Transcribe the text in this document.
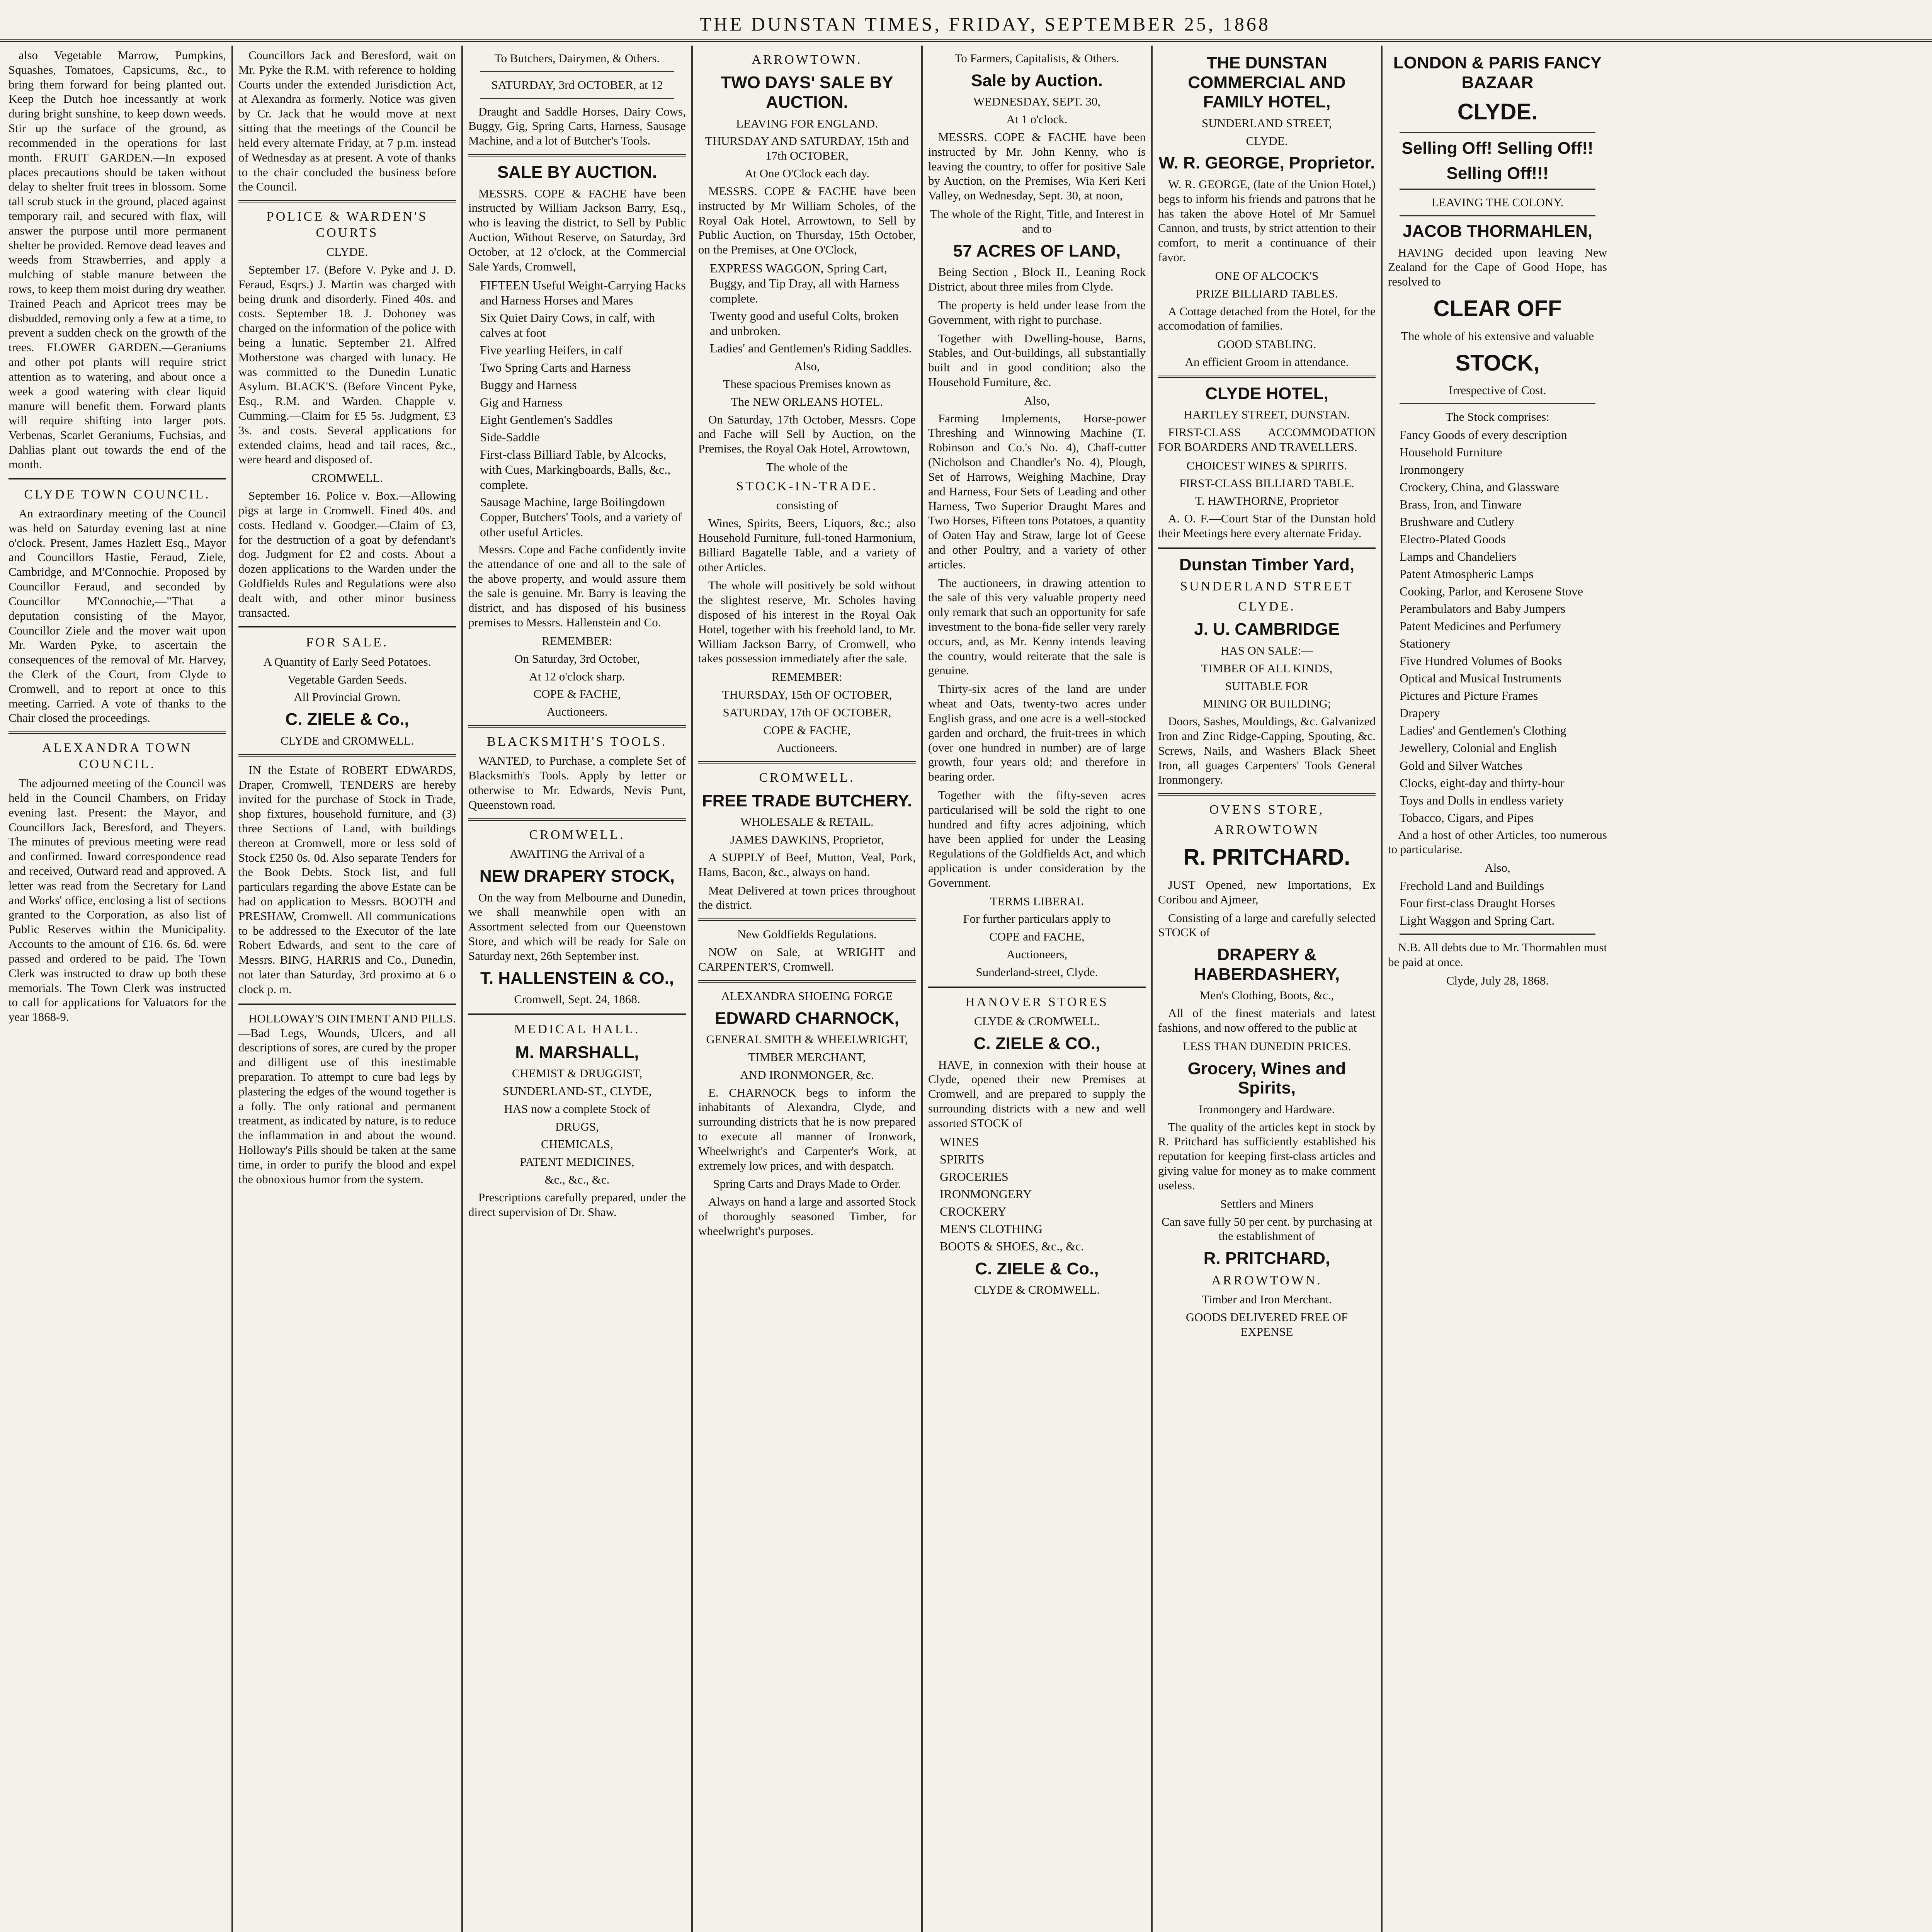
THE DUNSTAN TIMES, FRIDAY, SEPTEMBER 25, 1868

also Vegetable Marrow, Pumpkins, Squashes, Tomatoes, Capsicums, &c., to bring them forward for being planted out. Keep the Dutch hoe incessantly at work during bright sunshine, to keep down weeds. Stir up the surface of the ground, as recommended in the operations for last month. FRUIT GARDEN.—In exposed places precautions should be taken without delay to shelter fruit trees in blossom. Some tall scrub stuck in the ground, placed against temporary rail, and secured with flax, will answer the purpose until more permanent shelter be provided. Remove dead leaves and weeds from Strawberries, and apply a mulching of stable manure between the rows, to keep them moist during dry weather. Trained Peach and Apricot trees may be disbudded, removing only a few at a time, to prevent a sudden check on the growth of the trees. FLOWER GARDEN.—Geraniums and other pot plants will require strict attention as to watering, and about once a week a good watering with clear liquid manure will benefit them. Forward plants will require shifting into larger pots. Verbenas, Scarlet Geraniums, Fuchsias, and Dahlias plant out towards the end of the month.

CLYDE TOWN COUNCIL.

An extraordinary meeting of the Council was held on Saturday evening last at nine o'clock. Present, James Hazlett Esq., Mayor and Councillors Hastie, Feraud, Ziele, Cambridge, and M'Connochie. Proposed by Councillor Feraud, and seconded by Councillor M'Connochie,—"That a deputation consisting of the Mayor, Councillor Ziele and the mover wait upon Mr. Warden Pyke, to ascertain the consequences of the removal of Mr. Harvey, the Clerk of the Court, from Clyde to Cromwell, and to report at once to this meeting. Carried. A vote of thanks to the Chair closed the proceedings.

ALEXANDRA TOWN COUNCIL.

The adjourned meeting of the Council was held in the Council Chambers, on Friday evening last. Present: the Mayor, and Councillors Jack, Beresford, and Theyers. The minutes of previous meeting were read and confirmed. Inward correspondence read and received, Outward read and approved. A letter was read from the Secretary for Land and Works' office, enclosing a list of sections granted to the Corporation, as also list of Public Reserves within the Municipality. Accounts to the amount of £16. 6s. 6d. were passed and ordered to be paid. The Town Clerk was instructed to draw up both these memorials. The Town Clerk was instructed to call for applications for Valuators for the year 1868-9.

Councillors Jack and Beresford, wait on Mr. Pyke the R.M. with reference to holding Courts under the extended Jurisdiction Act, at Alexandra as formerly. Notice was given by Cr. Jack that he would move at next sitting that the meetings of the Council be held every alternate Friday, at 7 p.m. instead of Wednesday as at present. A vote of thanks to the chair concluded the business before the Council.

POLICE & WARDEN'S COURTS
CLYDE.

September 17. (Before V. Pyke and J. D. Feraud, Esqrs.) J. Martin was charged with being drunk and disorderly. Fined 40s. and costs. September 18. J. Dohoney was charged on the information of the police with being a lunatic. September 21. Alfred Motherstone was charged with lunacy. He was committed to the Dunedin Lunatic Asylum. BLACK'S. (Before Vincent Pyke, Esq., R.M. and Warden. Chapple v. Cumming.—Claim for £5 5s. Judgment, £3 3s. and costs. Several applications for extended claims, head and tail races, &c., were heard and disposed of.

CROMWELL.

September 16. Police v. Box.—Allowing pigs at large in Cromwell. Fined 40s. and costs. Hedland v. Goodger.—Claim of £3, for the destruction of a goat by defendant's dog. Judgment for £2 and costs. About a dozen applications to the Warden under the Goldfields Rules and Regulations were also dealt with, and other minor business transacted.

FOR SALE.
A Quantity of Early Seed Potatoes.
Vegetable Garden Seeds.
All Provincial Grown.
C. ZIELE & Co.,
CLYDE and CROMWELL.

IN the Estate of ROBERT EDWARDS, Draper, Cromwell, TENDERS are hereby invited for the purchase of Stock in Trade, shop fixtures, household furniture, and (3) three Sections of Land, with buildings thereon at Cromwell, more or less sold of Stock £250 0s. 0d. Also separate Tenders for the Book Debts. Stock list, and full particulars regarding the above Estate can be had on application to Messrs. BOOTH and PRESHAW, Cromwell. All communications to be addressed to the Executor of the late Robert Edwards, and sent to the care of Messrs. BING, HARRIS and Co., Dunedin, not later than Saturday, 3rd proximo at 6 o clock p. m.

HOLLOWAY'S OINTMENT AND PILLS.—Bad Legs, Wounds, Ulcers, and all descriptions of sores, are cured by the proper and dilligent use of this inestimable preparation. To attempt to cure bad legs by plastering the edges of the wound together is a folly. The only rational and permanent treatment, as indicated by nature, is to reduce the inflammation in and about the wound. Holloway's Pills should be taken at the same time, in order to purify the blood and expel the obnoxious humor from the system.

To Butchers, Dairymen, & Others.
SATURDAY, 3rd OCTOBER, at 12

Draught and Saddle Horses, Dairy Cows, Buggy, Gig, Spring Carts, Harness, Sausage Machine, and a lot of Butcher's Tools.

SALE BY AUCTION.

MESSRS. COPE & FACHE have been instructed by William Jackson Barry, Esq., who is leaving the district, to Sell by Public Auction, Without Reserve, on Saturday, 3rd October, at 12 o'clock, at the Commercial Sale Yards, Cromwell,

FIFTEEN Useful Weight-Carrying Hacks and Harness Horses and Mares
Six Quiet Dairy Cows, in calf, with calves at foot
Five yearling Heifers, in calf
Two Spring Carts and Harness
Buggy and Harness
Gig and Harness
Eight Gentlemen's Saddles
Side-Saddle
First-class Billiard Table, by Alcocks, with Cues, Markingboards, Balls, &c., complete.
Sausage Machine, large Boilingdown Copper, Butchers' Tools, and a variety of other useful Articles.

Messrs. Cope and Fache confidently invite the attendance of one and all to the sale of the above property, and would assure them the sale is genuine. Mr. Barry is leaving the district, and has disposed of his business premises to Messrs. Hallenstein and Co.

REMEMBER:
On Saturday, 3rd October,
At 12 o'clock sharp.
COPE & FACHE,
Auctioneers.
BLACKSMITH'S TOOLS.

WANTED, to Purchase, a complete Set of Blacksmith's Tools. Apply by letter or otherwise to Mr. Edwards, Nevis Punt, Queenstown road.

CROMWELL.
AWAITING the Arrival of a
NEW DRAPERY STOCK,

On the way from Melbourne and Dunedin, we shall meanwhile open with an Assortment selected from our Queenstown Store, and which will be ready for Sale on Saturday next, 26th September inst.

T. HALLENSTEIN & CO.,
Cromwell, Sept. 24, 1868.
MEDICAL HALL.
M. MARSHALL,
CHEMIST & DRUGGIST,
SUNDERLAND-ST., CLYDE,
HAS now a complete Stock of
DRUGS,
CHEMICALS,
PATENT MEDICINES,
&c., &c., &c.

Prescriptions carefully prepared, under the direct supervision of Dr. Shaw.

ARROWTOWN.
TWO DAYS' SALE BY AUCTION.
LEAVING FOR ENGLAND.
THURSDAY AND SATURDAY, 15th and 17th OCTOBER,
At One O'Clock each day.

MESSRS. COPE & FACHE have been instructed by Mr William Scholes, of the Royal Oak Hotel, Arrowtown, to Sell by Public Auction, on Thursday, 15th October, on the Premises, at One O'Clock,

EXPRESS WAGGON, Spring Cart, Buggy, and Tip Dray, all with Harness complete.
Twenty good and useful Colts, broken and unbroken.
Ladies' and Gentlemen's Riding Saddles.
Also,
These spacious Premises known as
The NEW ORLEANS HOTEL.

On Saturday, 17th October, Messrs. Cope and Fache will Sell by Auction, on the Premises, the Royal Oak Hotel, Arrowtown,

The whole of the
STOCK-IN-TRADE.
consisting of

Wines, Spirits, Beers, Liquors, &c.; also Household Furniture, full-toned Harmonium, Billiard Bagatelle Table, and a variety of other Articles.

The whole will positively be sold without the slightest reserve, Mr. Scholes having disposed of his interest in the Royal Oak Hotel, together with his freehold land, to Mr. William Jackson Barry, of Cromwell, who takes possession immediately after the sale.

REMEMBER:
THURSDAY, 15th OF OCTOBER,
SATURDAY, 17th OF OCTOBER,
COPE & FACHE,
Auctioneers.
CROMWELL.
FREE TRADE BUTCHERY.
WHOLESALE & RETAIL.
JAMES DAWKINS, Proprietor,

A SUPPLY of Beef, Mutton, Veal, Pork, Hams, Bacon, &c., always on hand.

Meat Delivered at town prices throughout the district.

New Goldfields Regulations.

NOW on Sale, at WRIGHT and CARPENTER'S, Cromwell.

ALEXANDRA SHOEING FORGE
EDWARD CHARNOCK,
GENERAL SMITH & WHEELWRIGHT,
TIMBER MERCHANT,
AND IRONMONGER, &c.

E. CHARNOCK begs to inform the inhabitants of Alexandra, Clyde, and surrounding districts that he is now prepared to execute all manner of Ironwork, Wheelwright's and Carpenter's Work, at extremely low prices, and with despatch.

Spring Carts and Drays Made to Order.

Always on hand a large and assorted Stock of thoroughly seasoned Timber, for wheelwright's purposes.

To Farmers, Capitalists, & Others.
Sale by Auction.
WEDNESDAY, SEPT. 30,
At 1 o'clock.

MESSRS. COPE & FACHE have been instructed by Mr. John Kenny, who is leaving the country, to offer for positive Sale by Auction, on the Premises, Wia Keri Keri Valley, on Wednesday, Sept. 30, at noon,

The whole of the Right, Title, and Interest in and to
57 ACRES OF LAND,

Being Section , Block II., Leaning Rock District, about three miles from Clyde.

The property is held under lease from the Government, with right to purchase.

Together with Dwelling-house, Barns, Stables, and Out-buildings, all substantially built and in good condition; also the Household Furniture, &c.

Also,

Farming Implements, Horse-power Threshing and Winnowing Machine (T. Robinson and Co.'s No. 4), Chaff-cutter (Nicholson and Chandler's No. 4), Plough, Set of Harrows, Weighing Machine, Dray and Harness, Four Sets of Leading and other Harness, Two Superior Draught Mares and Two Horses, Fifteen tons Potatoes, a quantity of Oaten Hay and Straw, large lot of Geese and other Poultry, and a variety of other articles.

The auctioneers, in drawing attention to the sale of this very valuable property need only remark that such an opportunity for safe investment to the bona-fide seller very rarely occurs, and, as Mr. Kenny intends leaving the country, would reiterate that the sale is genuine.

Thirty-six acres of the land are under wheat and Oats, twenty-two acres under English grass, and one acre is a well-stocked garden and orchard, the fruit-trees in which (over one hundred in number) are of large growth, four years old; and therefore in bearing order.

Together with the fifty-seven acres particularised will be sold the right to one hundred and fifty acres adjoining, which have been applied for under the Leasing Regulations of the Goldfields Act, and which application is under consideration by the Government.

TERMS LIBERAL
For further particulars apply to
COPE and FACHE,
Auctioneers,
Sunderland-street, Clyde.
HANOVER STORES
CLYDE & CROMWELL.
C. ZIELE & CO.,

HAVE, in connexion with their house at Clyde, opened their new Premises at Cromwell, and are prepared to supply the surrounding districts with a new and well assorted STOCK of

WINES
SPIRITS
GROCERIES
IRONMONGERY
CROCKERY
MEN'S CLOTHING
BOOTS & SHOES, &c., &c.
C. ZIELE & Co.,
CLYDE & CROMWELL.
THE DUNSTAN COMMERCIAL AND FAMILY HOTEL,
SUNDERLAND STREET,
CLYDE.
W. R. GEORGE, Proprietor.

W. R. GEORGE, (late of the Union Hotel,) begs to inform his friends and patrons that he has taken the above Hotel of Mr Samuel Cannon, and trusts, by strict attention to their comfort, to merit a continuance of their favor.

ONE OF ALCOCK'S
PRIZE BILLIARD TABLES.

A Cottage detached from the Hotel, for the accomodation of families.

GOOD STABLING.
An efficient Groom in attendance.
CLYDE HOTEL,
HARTLEY STREET, DUNSTAN.

FIRST-CLASS ACCOMMODATION FOR BOARDERS AND TRAVELLERS.

CHOICEST WINES & SPIRITS.
FIRST-CLASS BILLIARD TABLE.
T. HAWTHORNE, Proprietor

A. O. F.—Court Star of the Dunstan hold their Meetings here every alternate Friday.

Dunstan Timber Yard,
SUNDERLAND STREET
CLYDE.
J. U. CAMBRIDGE
HAS ON SALE:—
TIMBER OF ALL KINDS,
SUITABLE FOR
MINING OR BUILDING;

Doors, Sashes, Mouldings, &c. Galvanized Iron and Zinc Ridge-Capping, Spouting, &c. Screws, Nails, and Washers Black Sheet Iron, all guages Carpenters' Tools General Ironmongery.

OVENS STORE,
ARROWTOWN
R. PRITCHARD.

JUST Opened, new Importations, Ex Coribou and Ajmeer,

Consisting of a large and carefully selected STOCK of

DRAPERY & HABERDASHERY,
Men's Clothing, Boots, &c.,

All of the finest materials and latest fashions, and now offered to the public at

LESS THAN DUNEDIN PRICES.
Grocery, Wines and Spirits,
Ironmongery and Hardware.

The quality of the articles kept in stock by R. Pritchard has sufficiently established his reputation for keeping first-class articles and giving value for money as to make comment useless.

Settlers and Miners
Can save fully 50 per cent. by purchasing at the establishment of
R. PRITCHARD,
ARROWTOWN.
Timber and Iron Merchant.
GOODS DELIVERED FREE OF EXPENSE
LONDON & PARIS FANCY BAZAAR
CLYDE.
Selling Off! Selling Off!!
Selling Off!!!
LEAVING THE COLONY.
JACOB THORMAHLEN,

HAVING decided upon leaving New Zealand for the Cape of Good Hope, has resolved to

CLEAR OFF
The whole of his extensive and valuable
STOCK,
Irrespective of Cost.
The Stock comprises:
Fancy Goods of every description
Household Furniture
Ironmongery
Crockery, China, and Glassware
Brass, Iron, and Tinware
Brushware and Cutlery
Electro-Plated Goods
Lamps and Chandeliers
Patent Atmospheric Lamps
Cooking, Parlor, and Kerosene Stove
Perambulators and Baby Jumpers
Patent Medicines and Perfumery
Stationery
Five Hundred Volumes of Books
Optical and Musical Instruments
Pictures and Picture Frames
Drapery
Ladies' and Gentlemen's Clothing
Jewellery, Colonial and English
Gold and Silver Watches
Clocks, eight-day and thirty-hour
Toys and Dolls in endless variety
Tobacco, Cigars, and Pipes

And a host of other Articles, too numerous to particularise.

Also,
Frechold Land and Buildings
Four first-class Draught Horses
Light Waggon and Spring Cart.

N.B. All debts due to Mr. Thormahlen must be paid at once.

Clyde, July 28, 1868.
